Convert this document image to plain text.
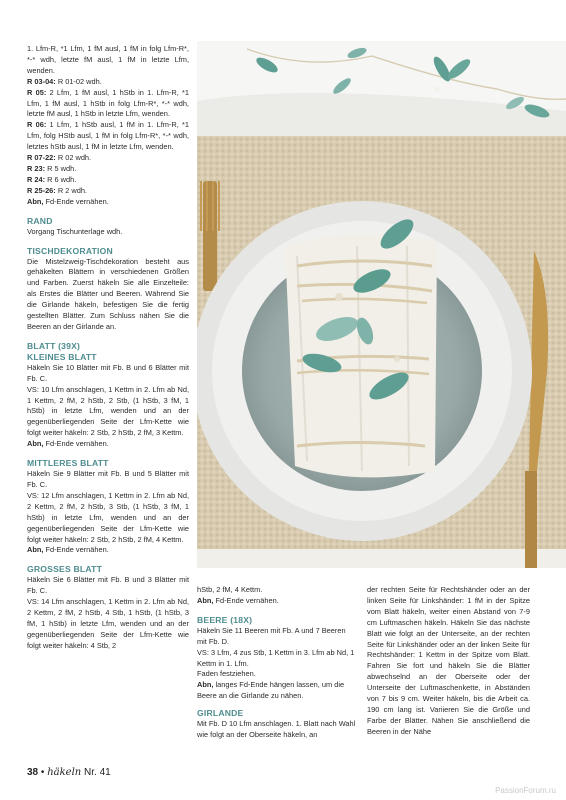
1. Lfm-R, *1 Lfm, 1 fM ausl, 1 fM in folg Lfm-R*, *-* wdh, letzte fM ausl, 1 fM in letzte Lfm, wenden.

R 03-04: R 01-02 wdh.

R 05: 2 Lfm, 1 fM ausl, 1 hStb in 1. Lfm-R, *1 Lfm, 1 fM ausl, 1 hStb in folg Lfm-R*, *-* wdh, letzte fM ausl, 1 hStb in letzte Lfm, wenden.

R 06: 1 Lfm, 1 hStb ausl, 1 fM in 1. Lfm-R, *1 Lfm, folg HStb ausl, 1 fM in folg Lfm-R*, *-* wdh, letztes hStb ausl, 1 fM in letzte Lfm, wenden.

R 07-22: R 02 wdh.

R 23: R 5 wdh.

R 24: R 6 wdh.

R 25-26: R 2 wdh.

Abn, Fd-Ende vernähen.

RAND

Vorgang Tischunterlage wdh.

TISCHDEKORATION

Die Mistelzweig-Tischdekoration besteht aus gehäkelten Blättern in verschiedenen Größen und Farben. Zuerst häkeln Sie alle Einzelteile: als Erstes die Blätter und Beeren. Während Sie die Girlande häkeln, befestigen Sie die fertig gestellten Blätter. Zum Schluss nähen Sie die Beeren an der Girlande an.

BLATT (39X)

KLEINES BLATT

Häkeln Sie 10 Blätter mit Fb. B und 6 Blätter mit Fb. C.

VS: 10 Lfm anschlagen, 1 Kettm in 2. Lfm ab Nd, 1 Kettm, 2 fM, 2 hStb, 2 Stb, (1 hStb, 3 fM, 1 hStb) in letzte Lfm, wenden und an der gegenüberliegenden Seite der Lfm-Kette wie folgt weiter häkeln: 2 Stb, 2 hStb, 2 fM, 3 Kettm.

Abn, Fd-Ende vernähen.

MITTLERES BLATT

Häkeln Sie 9 Blätter mit Fb. B und 5 Blätter mit Fb. C.

VS: 12 Lfm anschlagen, 1 Kettm in 2. Lfm ab Nd, 2 Kettm, 2 fM, 2 hStb, 3 Stb, (1 hStb, 3 fM, 1 hStb) in letzte Lfm, wenden und an der gegenüberliegenden Seite der Lfm-Kette wie folgt weiter häkeln: 2 Stb, 2 hStb, 2 fM, 4 Kettm.

Abn, Fd-Ende vernähen.

GROSSES BLATT

Häkeln Sie 6 Blätter mit Fb. B und 3 Blätter mit Fb. C.

VS: 14 Lfm anschlagen, 1 Kettm in 2. Lfm ab Nd, 2 Kettm, 2 fM, 2 hStb, 4 Stb, 1 hStb, (1 hStb, 3 fM, 1 hStb) in letzte Lfm, wenden und an der gegenüberliegenden Seite der Lfm-Kette wie folgt weiter häkeln: 4 Stb, 2

hStb, 2 fM, 4 Kettm.

Abn, Fd-Ende vernähen.

BEERE (18X)

Häkeln Sie 11 Beeren mit Fb. A und 7 Beeren mit Fb. D.

VS: 3 Lfm, 4 zus Stb, 1 Kettm in 3. Lfm ab Nd, 1 Kettm in 1. Lfm.

Faden festziehen.

Abn, langes Fd-Ende hängen lassen, um die Beere an die Girlande zu nähen.

GIRLANDE

Mit Fb. D 10 Lfm anschlagen. 1. Blatt nach Wahl wie folgt an der Oberseite häkeln, an

der rechten Seite für Rechtshänder oder an der linken Seite für Linkshänder: 1 fM in der Spitze vom Blatt häkeln, weiter einen Abstand von 7-9 cm Luftmaschen häkeln. Häkeln Sie das nächste Blatt wie folgt an der Unterseite, an der rechten Seite für Linkshänder oder an der linken Seite für Rechtshänder: 1 Kettm in der Spitze vom Blatt. Fahren Sie fort und häkeln Sie die Blätter abwechselnd an der Oberseite oder der Unterseite der Luftmaschenkette, in Abständen von 7 bis 9 cm. Weiter häkeln, bis die Arbeit ca. 190 cm lang ist. Variieren Sie die Größe und Farbe der Blätter. Nähen Sie anschließend die Beeren in der Nähe

38 • häkeln Nr. 41
PassionForum.ru
